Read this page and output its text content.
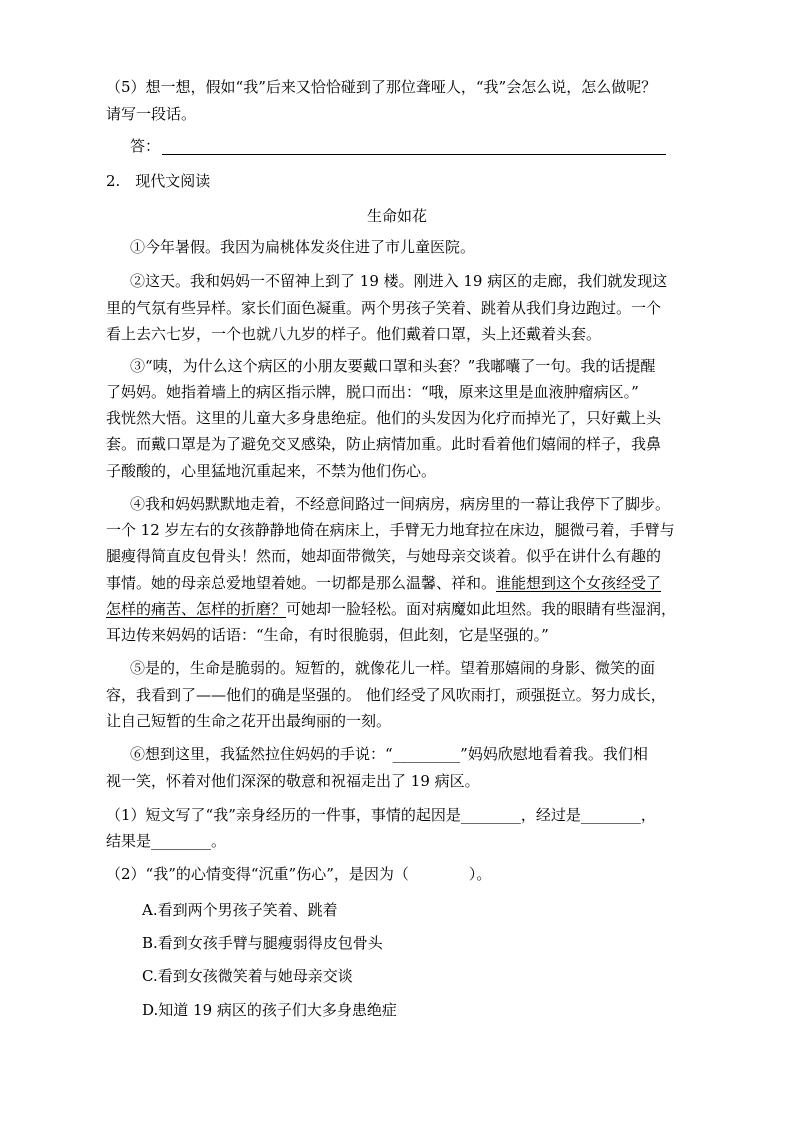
（5）想一想，假如“我”后来又恰恰碰到了那位聋哑人，“我”会怎么说，怎么做呢？
请写一段话。
答：
2.　现代文阅读
生命如花
①今年暑假。我因为扁桃体发炎住进了市儿童医院。
②这天。我和妈妈一不留神上到了 19 楼。刚进入 19 病区的走廊，我们就发现这
里的气氛有些异样。家长们面色凝重。两个男孩子笑着、跳着从我们身边跑过。一个
看上去六七岁，一个也就八九岁的样子。他们戴着口罩，头上还戴着头套。
③“咦，为什么这个病区的小朋友要戴口罩和头套？”我嘟囔了一句。我的话提醒
了妈妈。她指着墙上的病区指示牌，脱口而出：“哦，原来这里是血液肿瘤病区。”
我恍然大悟。这里的儿童大多身患绝症。他们的头发因为化疗而掉光了，只好戴上头
套。而戴口罩是为了避免交叉感染，防止病情加重。此时看着他们嬉闹的样子，我鼻
子酸酸的，心里猛地沉重起来，不禁为他们伤心。
④我和妈妈默默地走着，不经意间路过一间病房，病房里的一幕让我停下了脚步。
一个 12 岁左右的女孩静静地倚在病床上，手臂无力地耷拉在床边，腿微弓着，手臂与
腿瘦得简直皮包骨头！然而，她却面带微笑，与她母亲交谈着。似乎在讲什么有趣的
事情。她的母亲总爱地望着她。一切都是那么温馨、祥和。谁能想到这个女孩经受了
怎样的痛苦、怎样的折磨？可她却一脸轻松。面对病魔如此坦然。我的眼睛有些湿润，
耳边传来妈妈的话语：“生命，有时很脆弱，但此刻，它是坚强的。”
⑤是的，生命是脆弱的。短暂的，就像花儿一样。望着那嬉闹的身影、微笑的面
容，我看到了——他们的确是坚强的。 他们经受了风吹雨打，顽强挺立。努力成长，
让自己短暂的生命之花开出最绚丽的一刻。
⑥想到这里，我猛然拉住妈妈的手说：“_________”妈妈欣慰地看着我。我们相
视一笑，怀着对他们深深的敬意和祝福走出了 19 病区。
（1）短文写了“我”亲身经历的一件事，事情的起因是________，经过是________，
结果是________。
（2）“我”的心情变得“沉重”伤心”，是因为（　　　　）。
A.看到两个男孩子笑着、跳着
B.看到女孩手臂与腿瘦弱得皮包骨头
C.看到女孩微笑着与她母亲交谈
D.知道 19 病区的孩子们大多身患绝症
